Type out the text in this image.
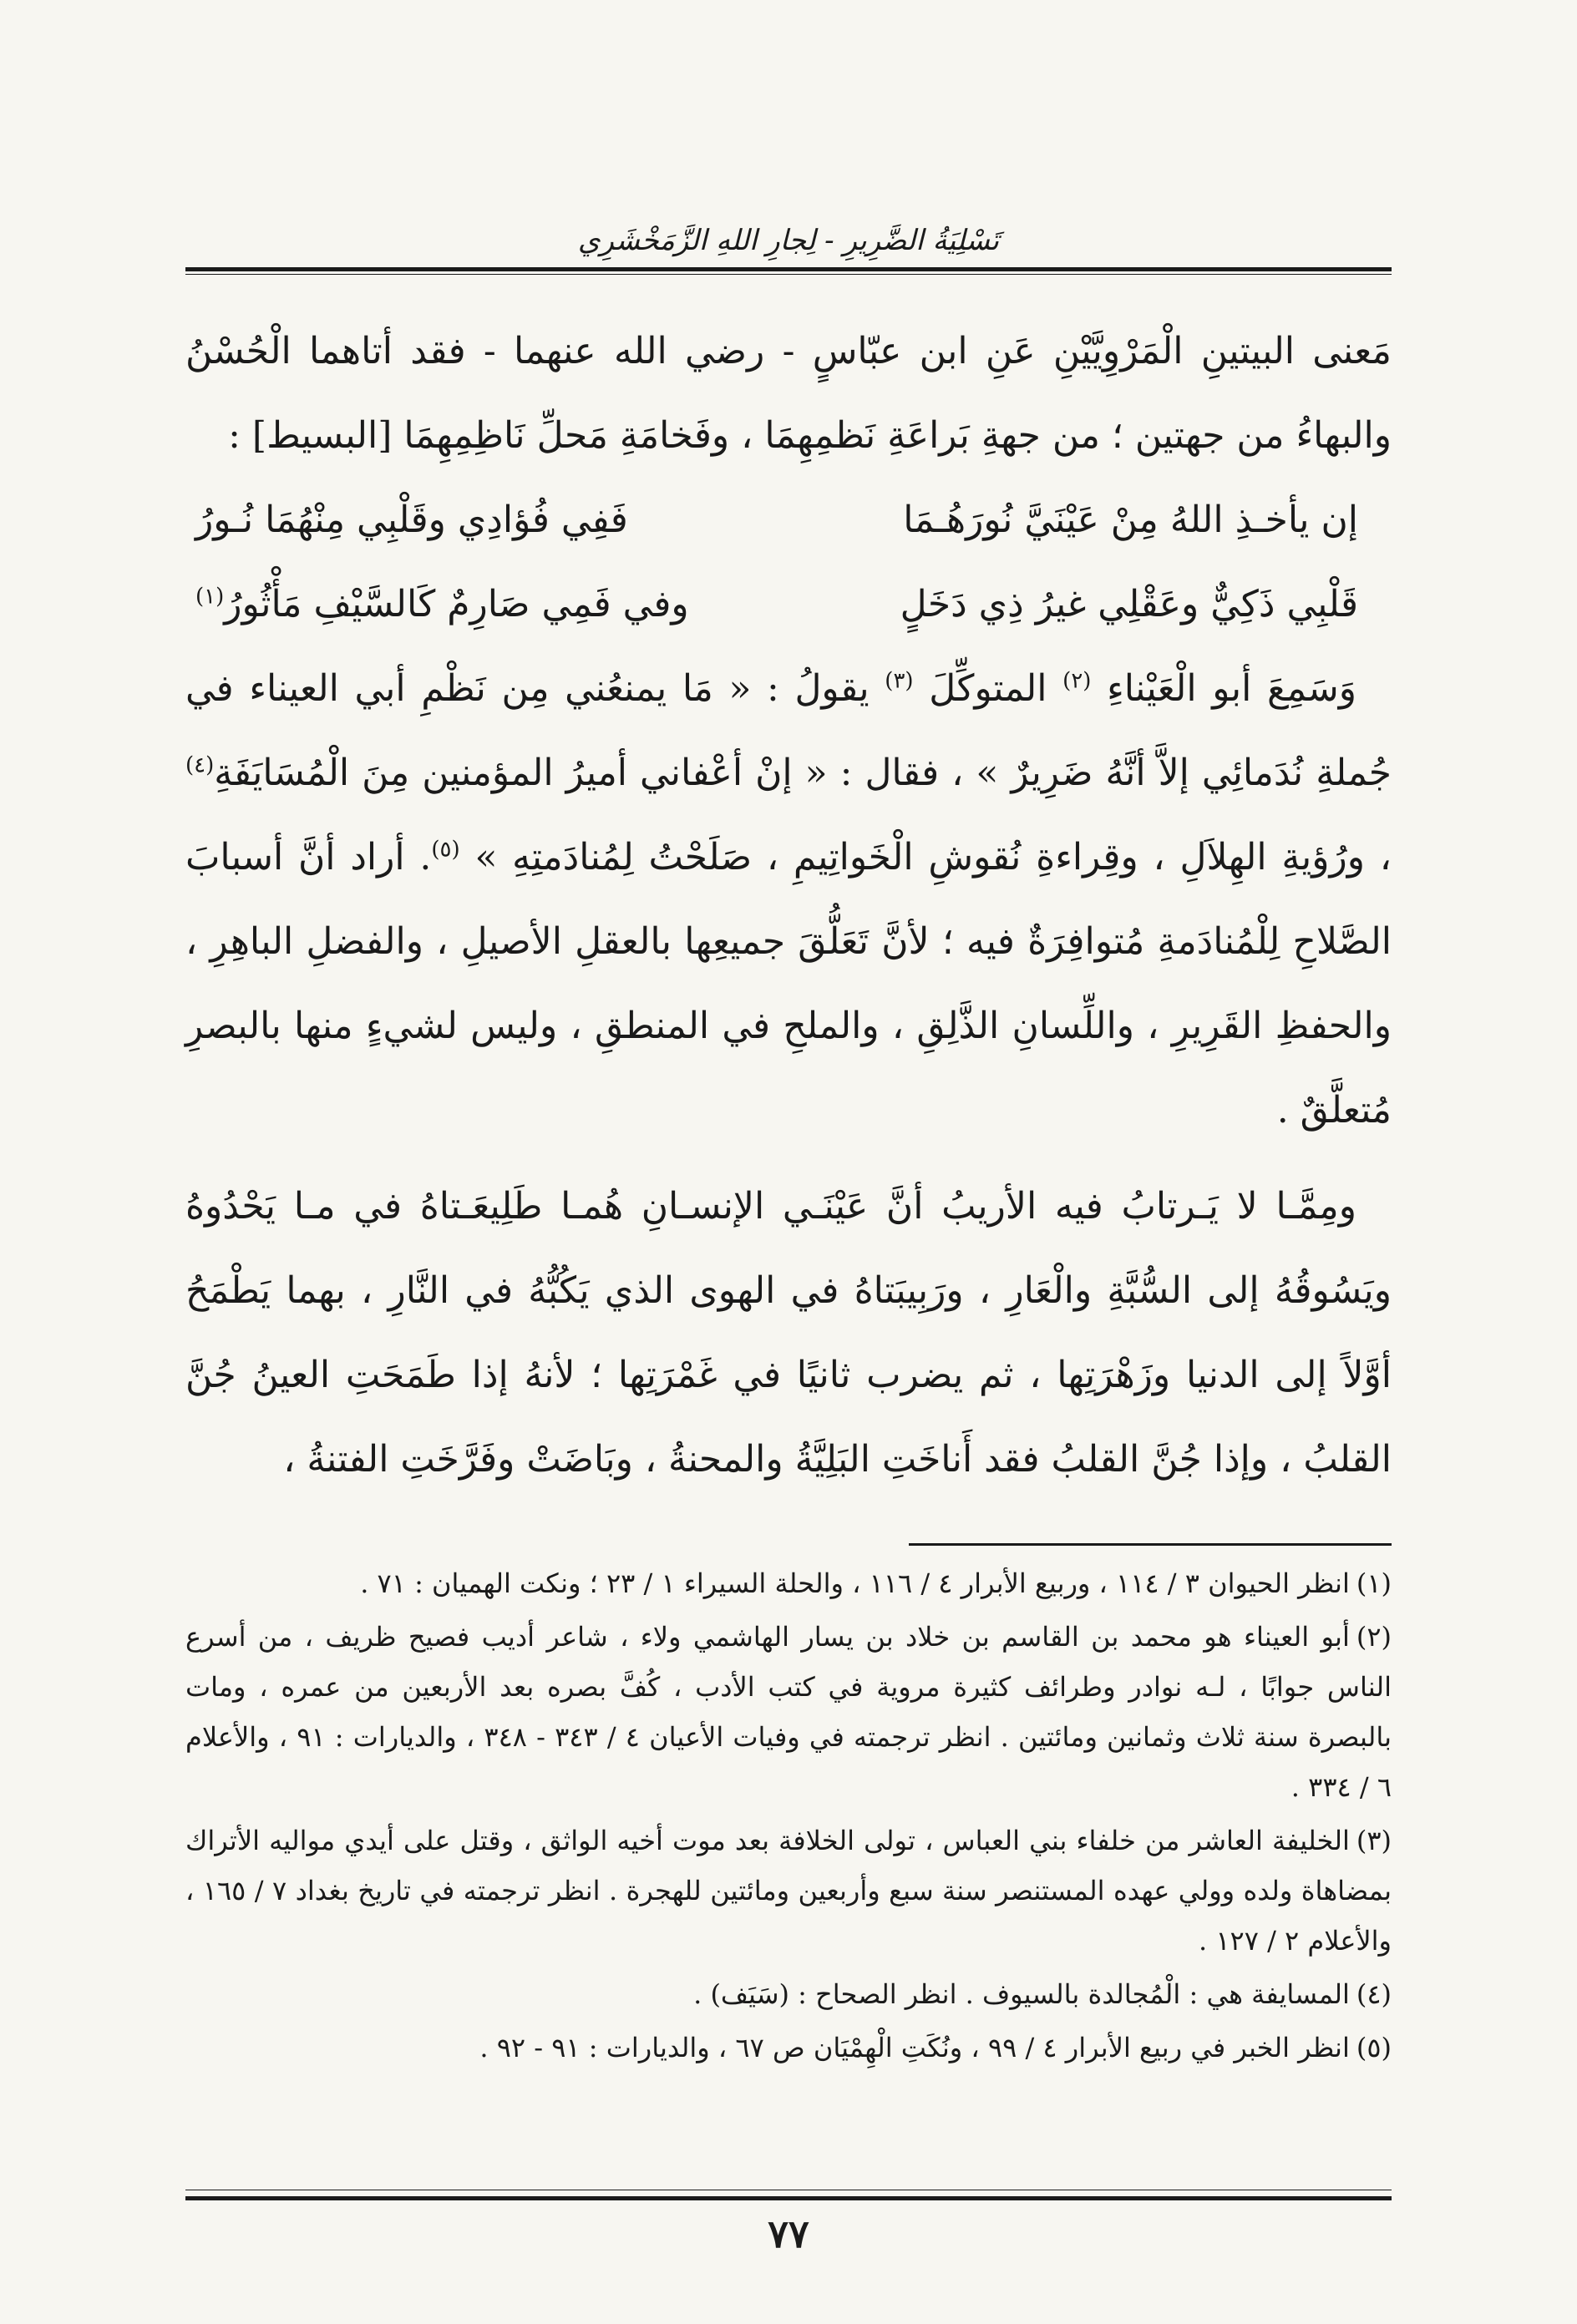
تَسْلِيَةُ الضَّرِيرِ - لِجارِ اللهِ الزَّمَخْشَرِي

مَعنى البيتينِ الْمَرْوِيَّيْنِ عَنِ ابن عبّاسٍ - رضي الله عنهما - فقد أتاهما الْحُسْنُ والبهاءُ من جهتين ؛ من جهةِ بَراعَةِ نَظمِهِمَا ، وفَخامَةِ مَحلِّ نَاظِمِهِمَا [البسيط] :

إن يأخـذِ اللهُ مِنْ عَيْنَيَّ نُورَهُـمَا
فَفِي فُؤادِي وقَلْبِي مِنْهُمَا نُـورُ
قَلْبِي ذَكِيٌّ وعَقْلِي غيرُ ذِي دَخَلٍ
وفي فَمِي صَارِمٌ كَالسَّيْفِ مَأْثُورُ$^{(١)}$

وَسَمِعَ أبو الْعَيْناءِ $^{(٢)}$ المتوكِّلَ $^{(٣)}$ يقولُ : « مَا يمنعُني مِن نَظْمِ أبي العيناء في جُملةِ نُدَمائِي إلاَّ أنَّهُ ضَرِيرٌ » ، فقال : « إنْ أعْفاني أميرُ المؤمنين مِنَ الْمُسَايَفَةِ$^{(٤)}$ ، ورُؤيةِ الهِلاَلِ ، وقِراءةِ نُقوشِ الْخَواتِيمِ ، صَلَحْتُ لِمُنادَمتِهِ » $^{(٥)}$. أراد أنَّ أسبابَ الصَّلاحِ لِلْمُنادَمةِ مُتوافِرَةٌ فيه ؛ لأنَّ تَعَلُّقَ جميعِها بالعقلِ الأصيلِ ، والفضلِ الباهِرِ ، والحفظِ القَرِيرِ ، واللِّسانِ الذَّلِقِ ، والملحِ في المنطقِ ، وليس لشيءٍ منها بالبصرِ مُتعلَّقٌ .

ومِمَّـا لا يَـرتابُ فيه الأريبُ أنَّ عَيْنَـي الإنسـانِ هُمـا طَلِيعَـتاهُ في مـا يَحْدُوهُ ويَسُوقُهُ إلى السُّبَّةِ والْعَارِ ، ورَبِيبَتاهُ في الهوى الذي يَكُبُّهُ في النَّارِ ، بهما يَطْمَحُ أوَّلاً إلى الدنيا وزَهْرَتِها ، ثم يضرب ثانيًا في غَمْرَتِها ؛ لأنهُ إذا طَمَحَتِ العينُ جُنَّ القلبُ ، وإذا جُنَّ القلبُ فقد أَناخَتِ البَلِيَّةُ والمحنةُ ، وبَاضَتْ وفَرَّخَتِ الفتنةُ ،

(١)انظر الحيوان ٣ / ١١٤ ، وربيع الأبرار ٤ / ١١٦ ، والحلة السيراء ١ / ٢٣ ؛ ونكت الهميان : ٧١ .

(٢)أبو العيناء هو محمد بن القاسم بن خلاد بن يسار الهاشمي ولاء ، شاعر أديب فصيح ظريف ، من أسرع الناس جوابًا ، لـه نوادر وطرائف كثيرة مروية في كتب الأدب ، كُفَّ بصره بعد الأربعين من عمره ، ومات بالبصرة سنة ثلاث وثمانين ومائتين . انظر ترجمته في وفيات الأعيان ٤ / ٣٤٣ - ٣٤٨ ، والديارات : ٩١ ، والأعلام ٦ / ٣٣٤ .

(٣)الخليفة العاشر من خلفاء بني العباس ، تولى الخلافة بعد موت أخيه الواثق ، وقتل على أيدي مواليه الأتراك بمضاهاة ولده وولي عهده المستنصر سنة سبع وأربعين ومائتين للهجرة . انظر ترجمته في تاريخ بغداد ٧ / ١٦٥ ، والأعلام ٢ / ١٢٧ .

(٤)المسايفة هي : الْمُجالدة بالسيوف . انظر الصحاح : (سَيَف) .

(٥)انظر الخبر في ربيع الأبرار ٤ / ٩٩ ، ونُكَتِ الْهِمْيَان ص ٦٧ ، والديارات : ٩١ - ٩٢ .

٧٧
